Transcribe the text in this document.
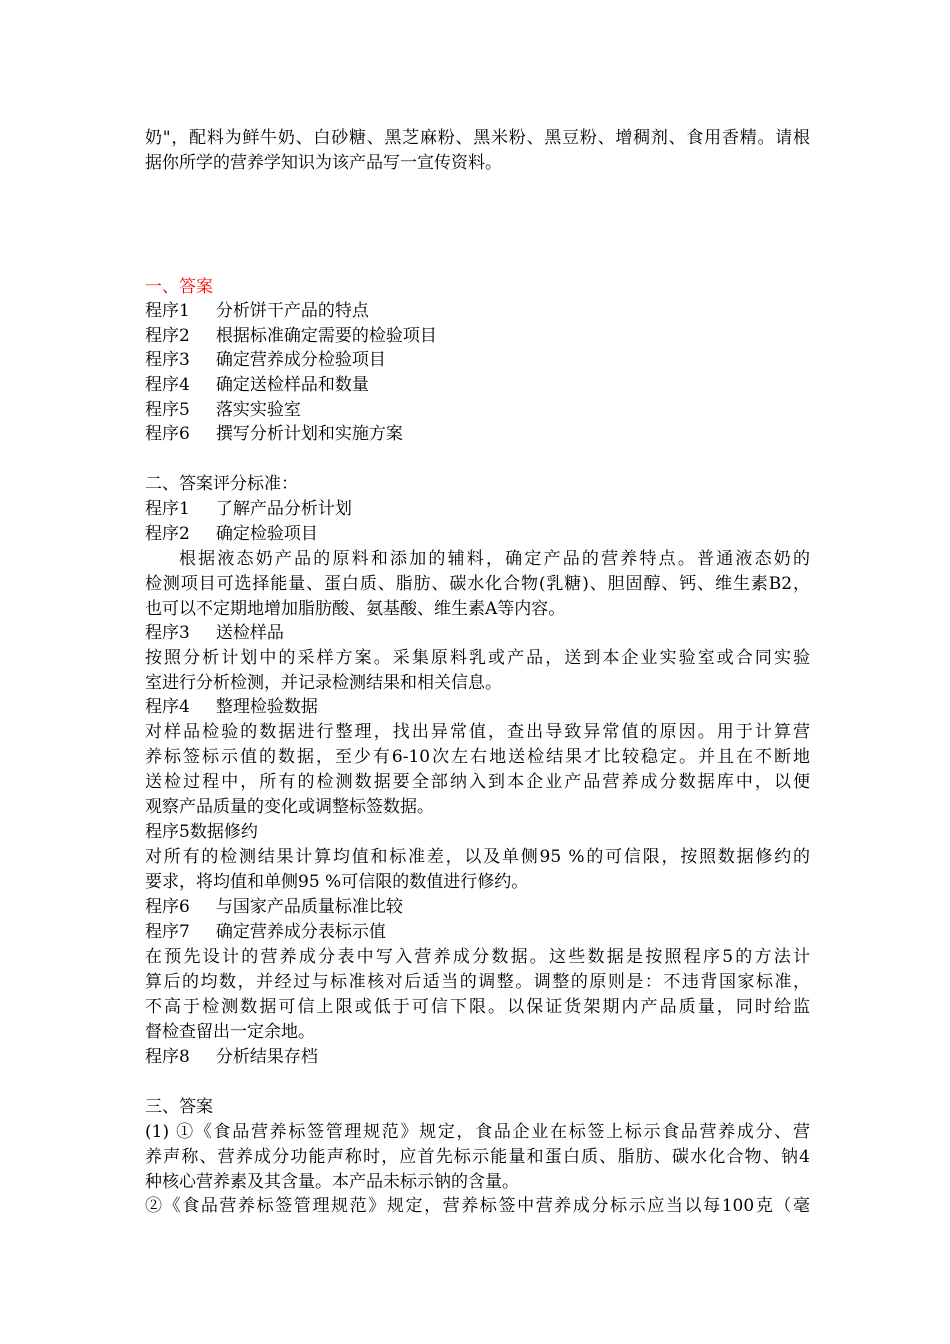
奶"，配料为鲜牛奶、白砂糖、黑芝麻粉、黑米粉、黑豆粉、增稠剂、食用香精。请根
据你所学的营养学知识为该产品写一宣传资料。
一、答案
程序1 分析饼干产品的特点
程序2 根据标准确定需要的检验项目
程序3 确定营养成分检验项目
程序4 确定送检样品和数量
程序5 落实实验室
程序6 撰写分析计划和实施方案
二、答案评分标准：
程序1 了解产品分析计划
程序2 确定检验项目
根据液态奶产品的原料和添加的辅料，确定产品的营养特点。普通液态奶的
检测项目可选择能量、蛋白质、脂肪、碳水化合物(乳糖)、胆固醇、钙、维生素B2，
也可以不定期地增加脂肪酸、氨基酸、维生素A等内容。
程序3 送检样品
按照分析计划中的采样方案。采集原料乳或产品，送到本企业实验室或合同实验
室进行分析检测，并记录检测结果和相关信息。
程序4 整理检验数据
对样品检验的数据进行整理，找出异常值，查出导致异常值的原因。用于计算营
养标签标示值的数据，至少有6-10次左右地送检结果才比较稳定。并且在不断地
送检过程中，所有的检测数据要全部纳入到本企业产品营养成分数据库中，以便
观察产品质量的变化或调整标签数据。
程序5数据修约
对所有的检测结果计算均值和标准差，以及单侧95 %的可信限，按照数据修约的
要求，将均值和单侧95 %可信限的数值进行修约。
程序6 与国家产品质量标准比较
程序7 确定营养成分表标示值
在预先设计的营养成分表中写入营养成分数据。这些数据是按照程序5的方法计
算后的均数，并经过与标准核对后适当的调整。调整的原则是：不违背国家标准，
不高于检测数据可信上限或低于可信下限。以保证货架期内产品质量，同时给监
督检查留出一定余地。
程序8 分析结果存档
三、答案
(1) ①《食品营养标签管理规范》规定，食品企业在标签上标示食品营养成分、营
养声称、营养成分功能声称时，应首先标示能量和蛋白质、脂肪、碳水化合物、钠4
种核心营养素及其含量。本产品未标示钠的含量。
②《食品营养标签管理规范》规定，营养标签中营养成分标示应当以每100克（毫
